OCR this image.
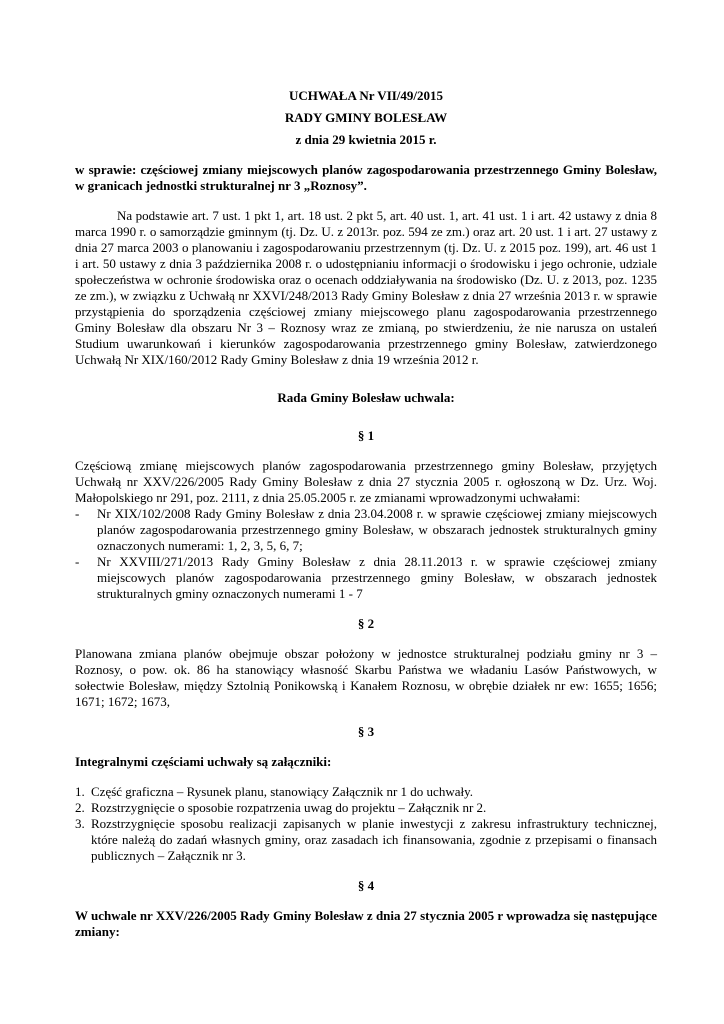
UCHWAŁA Nr VII/49/2015

RADY GMINY BOLESŁAW

z dnia 29 kwietnia 2015 r.

w sprawie: częściowej zmiany miejscowych planów zagospodarowania przestrzennego Gminy Bolesław, w granicach jednostki strukturalnej nr 3 „Roznosy”.

Na podstawie art. 7 ust. 1 pkt 1, art. 18 ust. 2 pkt 5, art. 40 ust. 1, art. 41 ust. 1 i art. 42 ustawy z dnia 8 marca 1990 r. o samorządzie gminnym (tj. Dz. U. z 2013r. poz. 594 ze zm.) oraz art. 20 ust. 1 i art. 27 ustawy z dnia 27 marca 2003 o planowaniu i zagospodarowaniu przestrzennym (tj. Dz. U. z 2015 poz. 199), art. 46 ust 1 i art. 50 ustawy z dnia 3 października 2008 r. o udostępnianiu informacji o środowisku i jego ochronie, udziale społeczeństwa w ochronie środowiska oraz o ocenach oddziaływania na środowisko (Dz. U. z 2013, poz. 1235 ze zm.), w związku z Uchwałą nr XXVI/248/2013 Rady Gminy Bolesław z dnia 27 września 2013 r. w sprawie przystąpienia do sporządzenia częściowej zmiany miejscowego planu zagospodarowania przestrzennego Gminy Bolesław dla obszaru Nr 3 – Roznosy wraz ze zmianą, po stwierdzeniu, że nie narusza on ustaleń Studium uwarunkowań i kierunków zagospodarowania przestrzennego gminy Bolesław, zatwierdzonego Uchwałą Nr XIX/160/2012 Rady Gminy Bolesław z dnia 19 września 2012 r.

Rada Gminy Bolesław uchwala:

§ 1

Częściową zmianę miejscowych planów zagospodarowania przestrzennego gminy Bolesław, przyjętych Uchwałą nr XXV/226/2005 Rady Gminy Bolesław z dnia 27 stycznia 2005 r. ogłoszoną w Dz. Urz. Woj. Małopolskiego nr 291, poz. 2111, z dnia 25.05.2005 r. ze zmianami wprowadzonymi uchwałami:

- Nr XIX/102/2008 Rady Gminy Bolesław z dnia 23.04.2008 r. w sprawie częściowej zmiany miejscowych planów zagospodarowania przestrzennego gminy Bolesław, w obszarach jednostek strukturalnych gminy oznaczonych numerami: 1, 2, 3, 5, 6, 7;
- Nr XXVIII/271/2013 Rady Gminy Bolesław z dnia 28.11.2013 r. w sprawie częściowej zmiany miejscowych planów zagospodarowania przestrzennego gminy Bolesław, w obszarach jednostek strukturalnych gminy oznaczonych numerami 1 - 7

§ 2

Planowana zmiana planów obejmuje obszar położony w jednostce strukturalnej podziału gminy nr 3 – Roznosy, o pow. ok. 86 ha stanowiący własność Skarbu Państwa we władaniu Lasów Państwowych, w sołectwie Bolesław, między Sztolnią Ponikowską i Kanałem Roznosu, w obrębie działek nr ew: 1655; 1656; 1671; 1672; 1673,

§ 3

Integralnymi częściami uchwały są załączniki:

1. Część graficzna – Rysunek planu, stanowiący Załącznik nr 1 do uchwały.
2. Rozstrzygnięcie o sposobie rozpatrzenia uwag do projektu – Załącznik nr 2.
3. Rozstrzygnięcie sposobu realizacji zapisanych w planie inwestycji z zakresu infrastruktury technicznej, które należą do zadań własnych gminy, oraz zasadach ich finansowania, zgodnie z przepisami o finansach publicznych – Załącznik nr 3.

§ 4

W uchwale nr XXV/226/2005 Rady Gminy Bolesław z dnia 27 stycznia 2005 r wprowadza się następujące zmiany:
